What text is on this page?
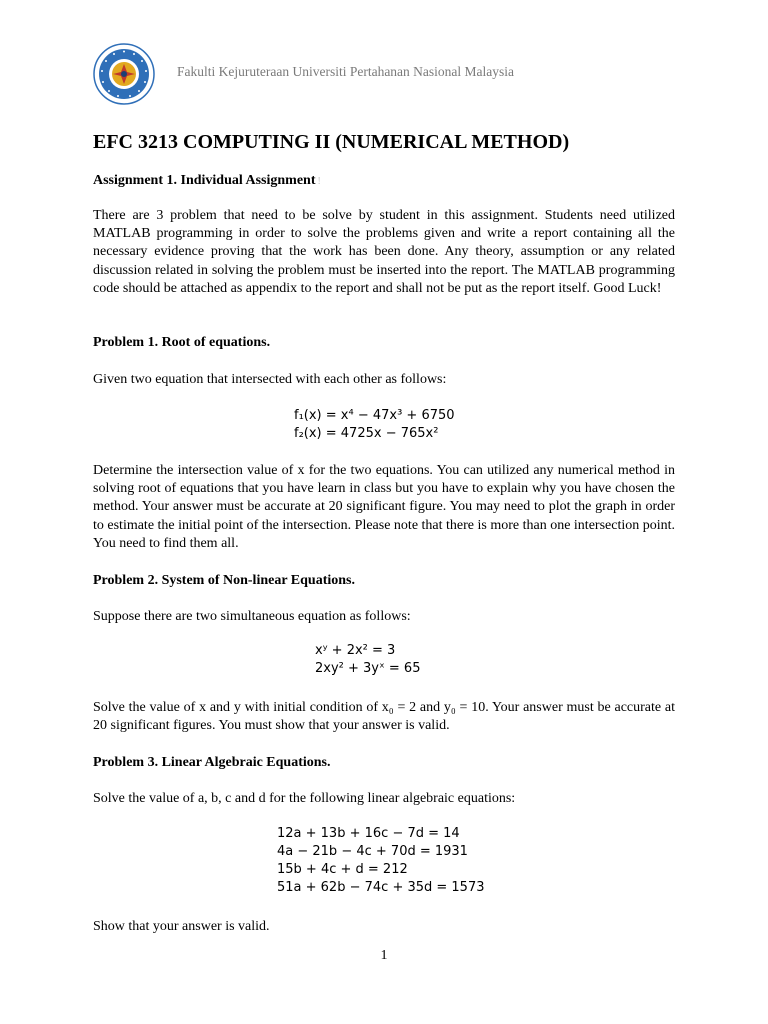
Fakulti Kejuruteraan Universiti Pertahanan Nasional Malaysia
EFC 3213 COMPUTING II (NUMERICAL METHOD)

Assignment 1. Individual Assignment !

There are 3 problem that need to be solve by student in this assignment. Students need utilized MATLAB programming in order to solve the problems given and write a report containing all the necessary evidence proving that the work has been done. Any theory, assumption or any related discussion related in solving the problem must be inserted into the report. The MATLAB programming code should be attached as appendix to the report and shall not be put as the report itself. Good Luck!

Problem 1. Root of equations.

Given two equation that intersected with each other as follows:

f₁(x) = x⁴ − 47x³ + 6750
f₂(x) = 4725x − 765x²

Determine the intersection value of x for the two equations. You can utilized any numerical method in solving root of equations that you have learn in class but you have to explain why you have chosen the method. Your answer must be accurate at 20 significant figure. You may need to plot the graph in order to estimate the initial point of the intersection. Please note that there is more than one intersection point. You need to find them all.

Problem 2. System of Non-linear Equations.

Suppose there are two simultaneous equation as follows:

xʸ + 2x² = 3
2xy² + 3yˣ = 65

Solve the value of x and y with initial condition of x₀ = 2 and y₀ = 10. Your answer must be accurate at 20 significant figures. You must show that your answer is valid.

Problem 3. Linear Algebraic Equations.

Solve the value of a, b, c and d for the following linear algebraic equations:

12a + 13b + 16c − 7d = 14
4a − 21b − 4c + 70d = 1931
15b + 4c + d = 212
51a + 62b − 74c + 35d = 1573

Show that your answer is valid.

1
